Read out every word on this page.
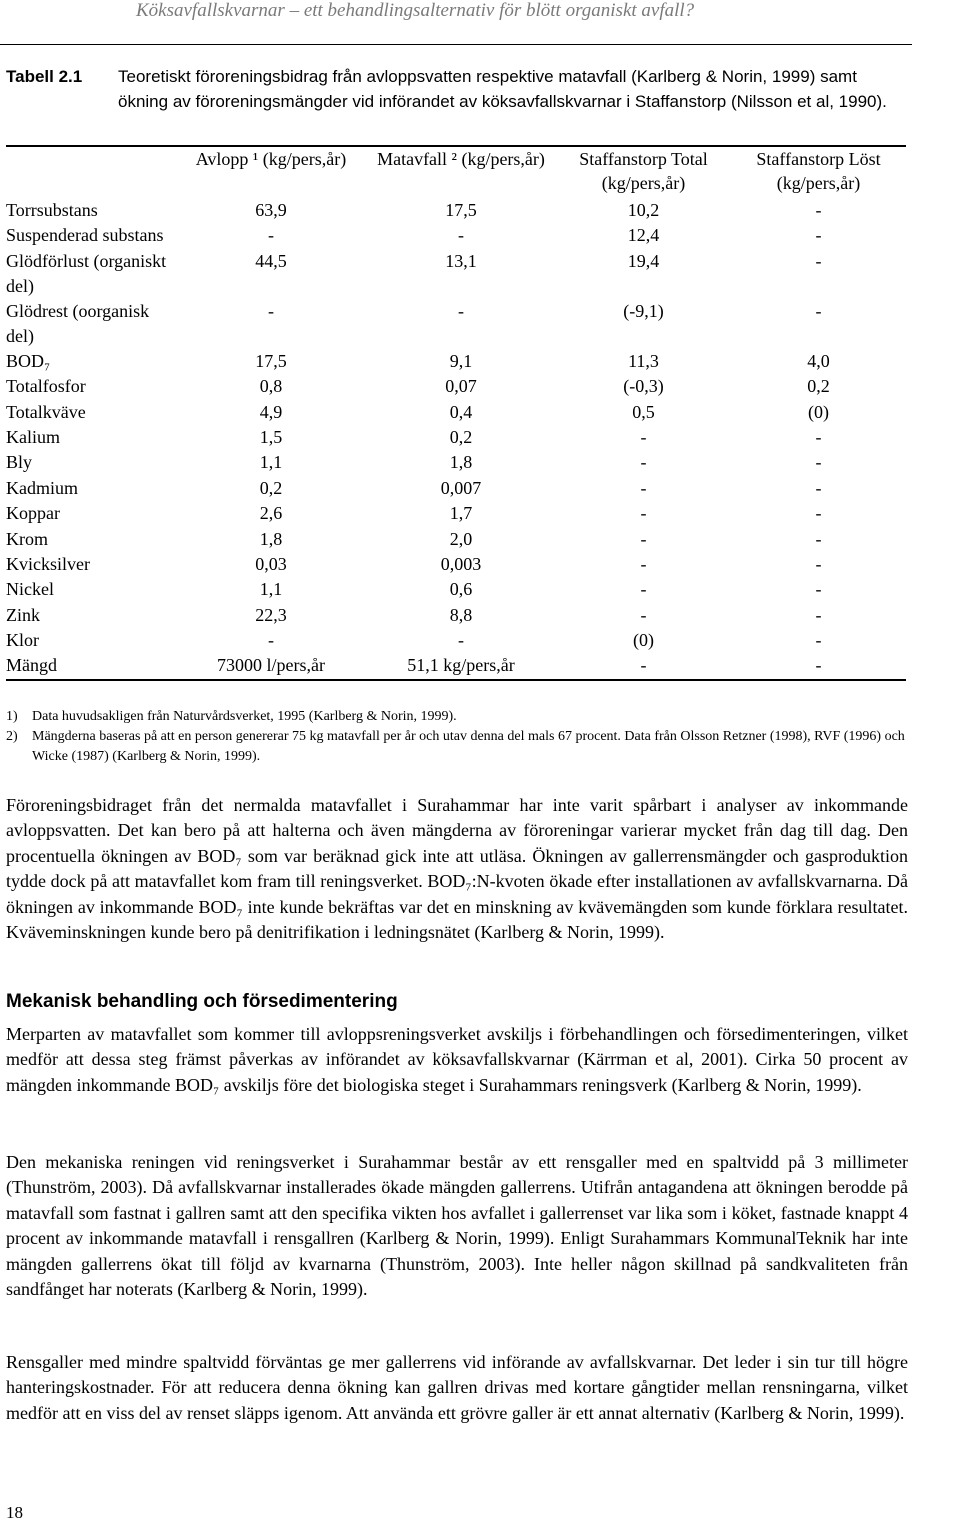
Köksavfallskvarnar – ett behandlingsalternativ för blött organiskt avfall?
Tabell 2.1 Teoretiskt föroreningsbidrag från avloppsvatten respektive matavfall (Karlberg & Norin, 1999) samt ökning av föroreningsmängder vid införandet av köksavfallskvarnar i Staffanstorp (Nilsson et al, 1990).
	Avlopp ¹ (kg/pers,år)	Matavfall ² (kg/pers,år)	Staffanstorp Total (kg/pers,år)	Staffanstorp Löst (kg/pers,år)
Torrsubstans	63,9	17,5	10,2	-
Suspenderad substans	-	-	12,4	-
Glödförlust (organiskt del)	44,5	13,1	19,4	-
Glödrest (oorganisk del)	-	-	(-9,1)	-
BOD₇	17,5	9,1	11,3	4,0
Totalfosfor	0,8	0,07	(-0,3)	0,2
Totalkväve	4,9	0,4	0,5	(0)
Kalium	1,5	0,2	-	-
Bly	1,1	1,8	-	-
Kadmium	0,2	0,007	-	-
Koppar	2,6	1,7	-	-
Krom	1,8	2,0	-	-
Kvicksilver	0,03	0,003	-	-
Nickel	1,1	0,6	-	-
Zink	22,3	8,8	-	-
Klor	-	-	(0)	-
Mängd	73000 l/pers,år	51,1 kg/pers,år	-	-
1)	Data huvudsakligen från Naturvårdsverket, 1995 (Karlberg & Norin, 1999).
2)	Mängderna baseras på att en person genererar 75 kg matavfall per år och utav denna del mals 67 procent. Data från Olsson Retzner (1998), RVF (1996) och Wicke (1987) (Karlberg & Norin, 1999).

Föroreningsbidraget från det nermalda matavfallet i Surahammar har inte varit spårbart i analyser av inkommande avloppsvatten. Det kan bero på att halterna och även mängderna av föroreningar varierar mycket från dag till dag. Den procentuella ökningen av BOD₇ som var beräknad gick inte att utläsa. Ökningen av gallerrensmängder och gasproduktion tydde dock på att matavfallet kom fram till reningsverket. BOD₇:N-kvoten ökade efter installationen av avfallskvarnarna. Då ökningen av inkommande BOD₇ inte kunde bekräftas var det en minskning av kvävemängden som kunde förklara resultatet. Kväveminskningen kunde bero på denitrifikation i ledningsnätet (Karlberg & Norin, 1999).

Mekanisk behandling och försedimentering

Merparten av matavfallet som kommer till avloppsreningsverket avskiljs i förbehandlingen och försedimenteringen, vilket medför att dessa steg främst påverkas av införandet av köksavfallskvarnar (Kärrman et al, 2001). Cirka 50 procent av mängden inkommande BOD₇ avskiljs före det biologiska steget i Surahammars reningsverk (Karlberg & Norin, 1999).

Den mekaniska reningen vid reningsverket i Surahammar består av ett rensgaller med en spaltvidd på 3 millimeter (Thunström, 2003). Då avfallskvarnar installerades ökade mängden gallerrens. Utifrån antagandena att ökningen berodde på matavfall som fastnat i gallren samt att den specifika vikten hos avfallet i gallerrenset var lika som i köket, fastnade knappt 4 procent av inkommande matavfall i rensgallren (Karlberg & Norin, 1999). Enligt Surahammars KommunalTeknik har inte mängden gallerrens ökat till följd av kvarnarna (Thunström, 2003). Inte heller någon skillnad på sandkvaliteten från sandfånget har noterats (Karlberg & Norin, 1999).

Rensgaller med mindre spaltvidd förväntas ge mer gallerrens vid införande av avfallskvarnar. Det leder i sin tur till högre hanteringskostnader. För att reducera denna ökning kan gallren drivas med kortare gångtider mellan rensningarna, vilket medför att en viss del av renset släpps igenom. Att använda ett grövre galler är ett annat alternativ (Karlberg & Norin, 1999).

18
